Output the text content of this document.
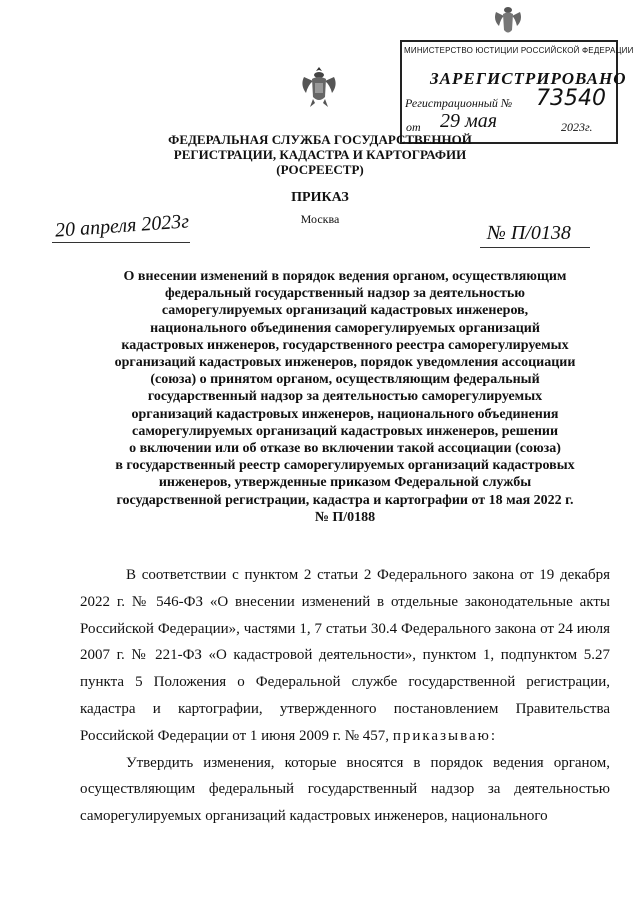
МИНИСТЕРСТВО ЮСТИЦИИ РОССИЙСКОЙ ФЕДЕРАЦИИ
ЗАРЕГИСТРИРОВАНО
Регистрационный № 73540
от 29 мая	2023г.
ФЕДЕРАЛЬНАЯ СЛУЖБА ГОСУДАРСТВЕННОЙ
РЕГИСТРАЦИИ, КАДАСТРА И КАРТОГРАФИИ
(РОСРЕЕСТР)
ПРИКАЗ
Москва
20 апреля 2023г	№ П/0138
О внесении изменений в порядок ведения органом, осуществляющим
федеральный государственный надзор за деятельностью
саморегулируемых организаций кадастровых инженеров,
национального объединения саморегулируемых организаций
кадастровых инженеров, государственного реестра саморегулируемых
организаций кадастровых инженеров, порядок уведомления ассоциации
(союза) о принятом органом, осуществляющим федеральный
государственный надзор за деятельностью саморегулируемых
организаций кадастровых инженеров, национального объединения
саморегулируемых организаций кадастровых инженеров, решении
о включении или об отказе во включении такой ассоциации (союза)
в государственный реестр саморегулируемых организаций кадастровых
инженеров, утвержденные приказом Федеральной службы
государственной регистрации, кадастра и картографии от 18 мая 2022 г.
№ П/0188

В соответствии с пунктом 2 статьи 2 Федерального закона от 19 декабря 2022 г. № 546-ФЗ «О внесении изменений в отдельные законодательные акты Российской Федерации», частями 1, 7 статьи 30.4 Федерального закона от 24 июля 2007 г. № 221-ФЗ «О кадастровой деятельности», пунктом 1, подпунктом 5.27 пункта 5 Положения о Федеральной службе государственной регистрации, кадастра и картографии, утвержденного постановлением Правительства Российской Федерации от 1 июня 2009 г. № 457, приказываю:

Утвердить изменения, которые вносятся в порядок ведения органом, осуществляющим федеральный государственный надзор за деятельностью саморегулируемых организаций кадастровых инженеров, национального
